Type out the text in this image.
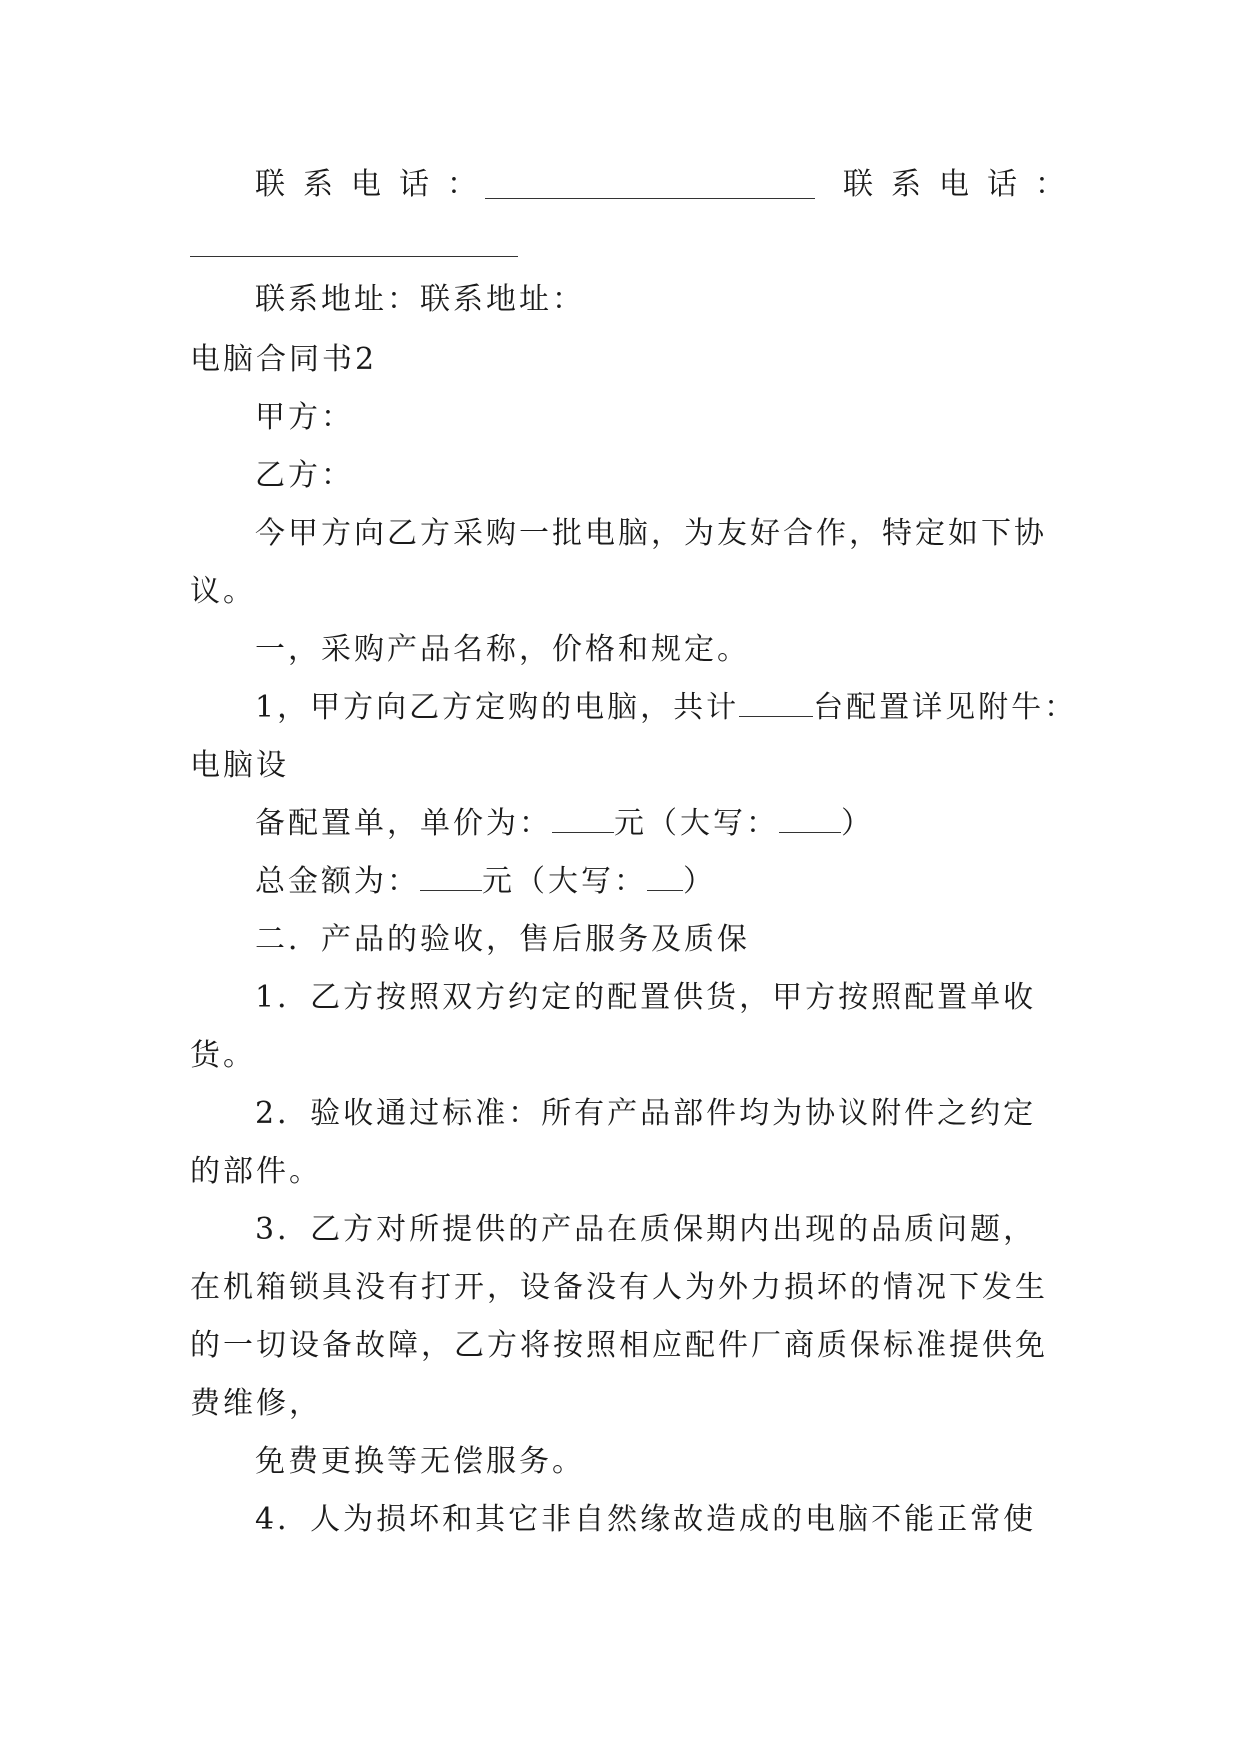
联系电话：	联系电话：
联系地址：联系地址：
电脑合同书2
甲方：
乙方：
今甲方向乙方采购一批电脑，为友好合作，特定如下协
议。
一，采购产品名称，价格和规定。
1，甲方向乙方定购的电脑，共计 台配置详见附牛：
电脑设
备配置单，单价为： 元（大写： ）
总金额为： 元（大写： ）
二．产品的验收，售后服务及质保
1．乙方按照双方约定的配置供货，甲方按照配置单收
货。
2．验收通过标准：所有产品部件均为协议附件之约定
的部件。
3．乙方对所提供的产品在质保期内出现的品质问题，
在机箱锁具没有打开，设备没有人为外力损坏的情况下发生
的一切设备故障，乙方将按照相应配件厂商质保标准提供免
费维修，
免费更换等无偿服务。
4．人为损坏和其它非自然缘故造成的电脑不能正常使
